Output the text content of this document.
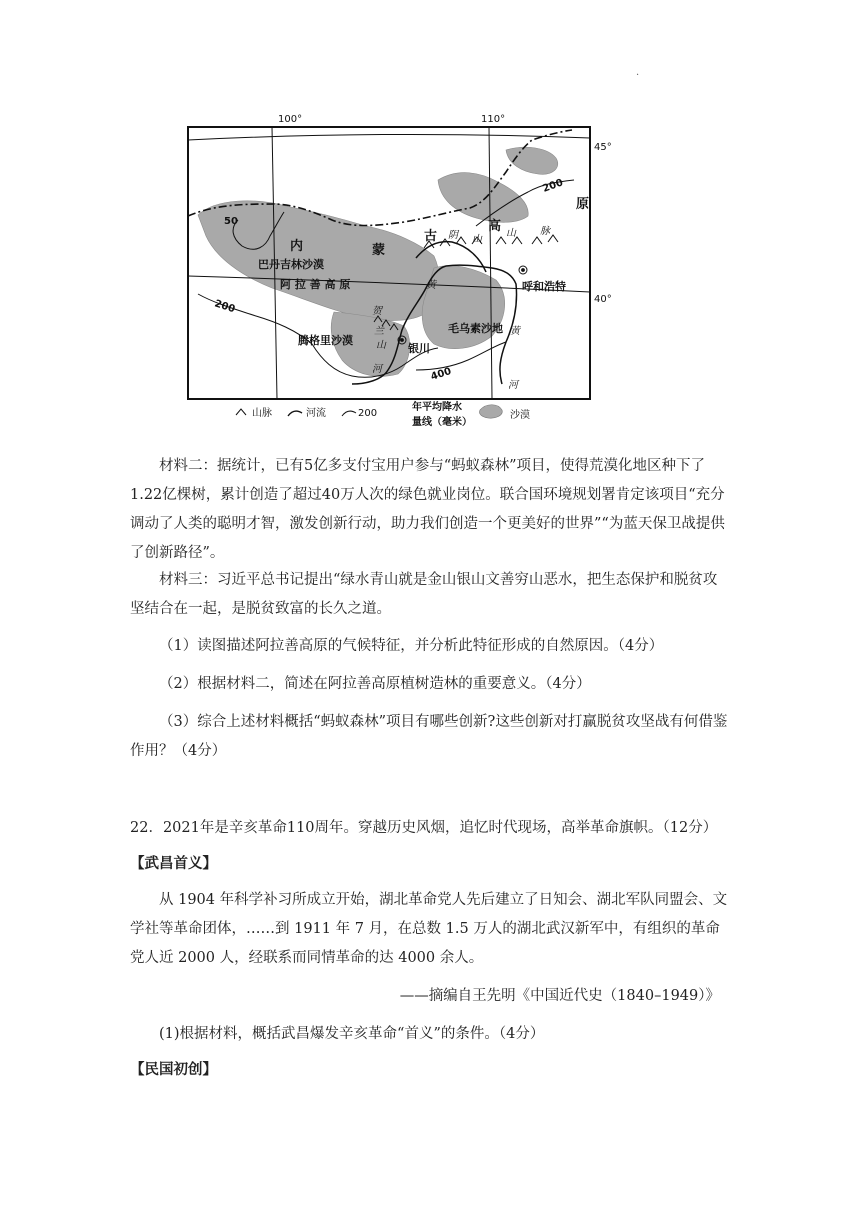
·
100°	110°
45°
40°
50
200
200
400
内	蒙
古
高
原
巴丹吉林沙漠
阿 拉 善 高 原
腾格里沙漠
毛乌素沙地
呼和浩特
银川
阴 山
山 脉
贺
兰
山
黄
黄
河
河
山脉	河流	200
年平均降水
量线（毫米）
沙漠

材料二：据统计，已有5亿多支付宝用户参与“蚂蚁森林”项目，使得荒漠化地区种下了 1.22亿棵树，累计创造了超过40万人次的绿色就业岗位。联合国环境规划署肯定该项目“充分调动了人类的聪明才智，激发创新行动，助力我们创造一个更美好的世界”“为蓝天保卫战提供了创新路径”。

材料三：习近平总书记提出“绿水青山就是金山银山文善穷山恶水，把生态保护和脱贫攻坚结合在一起，是脱贫致富的长久之道。

（1）读图描述阿拉善高原的气候特征，并分析此特征形成的自然原因。（4分）

（2）根据材料二，简述在阿拉善高原植树造林的重要意义。（4分）

（3）综合上述材料概括“蚂蚁森林”项目有哪些创新?这些创新对打赢脱贫攻坚战有何借鉴作用？（4分）

22．2021年是辛亥革命110周年。穿越历史风烟，追忆时代现场，高举革命旗帜。（12分）

【武昌首义】

从 1904 年科学补习所成立开始，湖北革命党人先后建立了日知会、湖北军队同盟会、文学社等革命团体，……到 1911 年 7 月，在总数 1.5 万人的湖北武汉新军中，有组织的革命党人近 2000 人，经联系而同情革命的达 4000 余人。

——摘编自王先明《中国近代史（1840–1949）》

(1)根据材料，概括武昌爆发辛亥革命“首义”的条件。（4分）

【民国初创】
